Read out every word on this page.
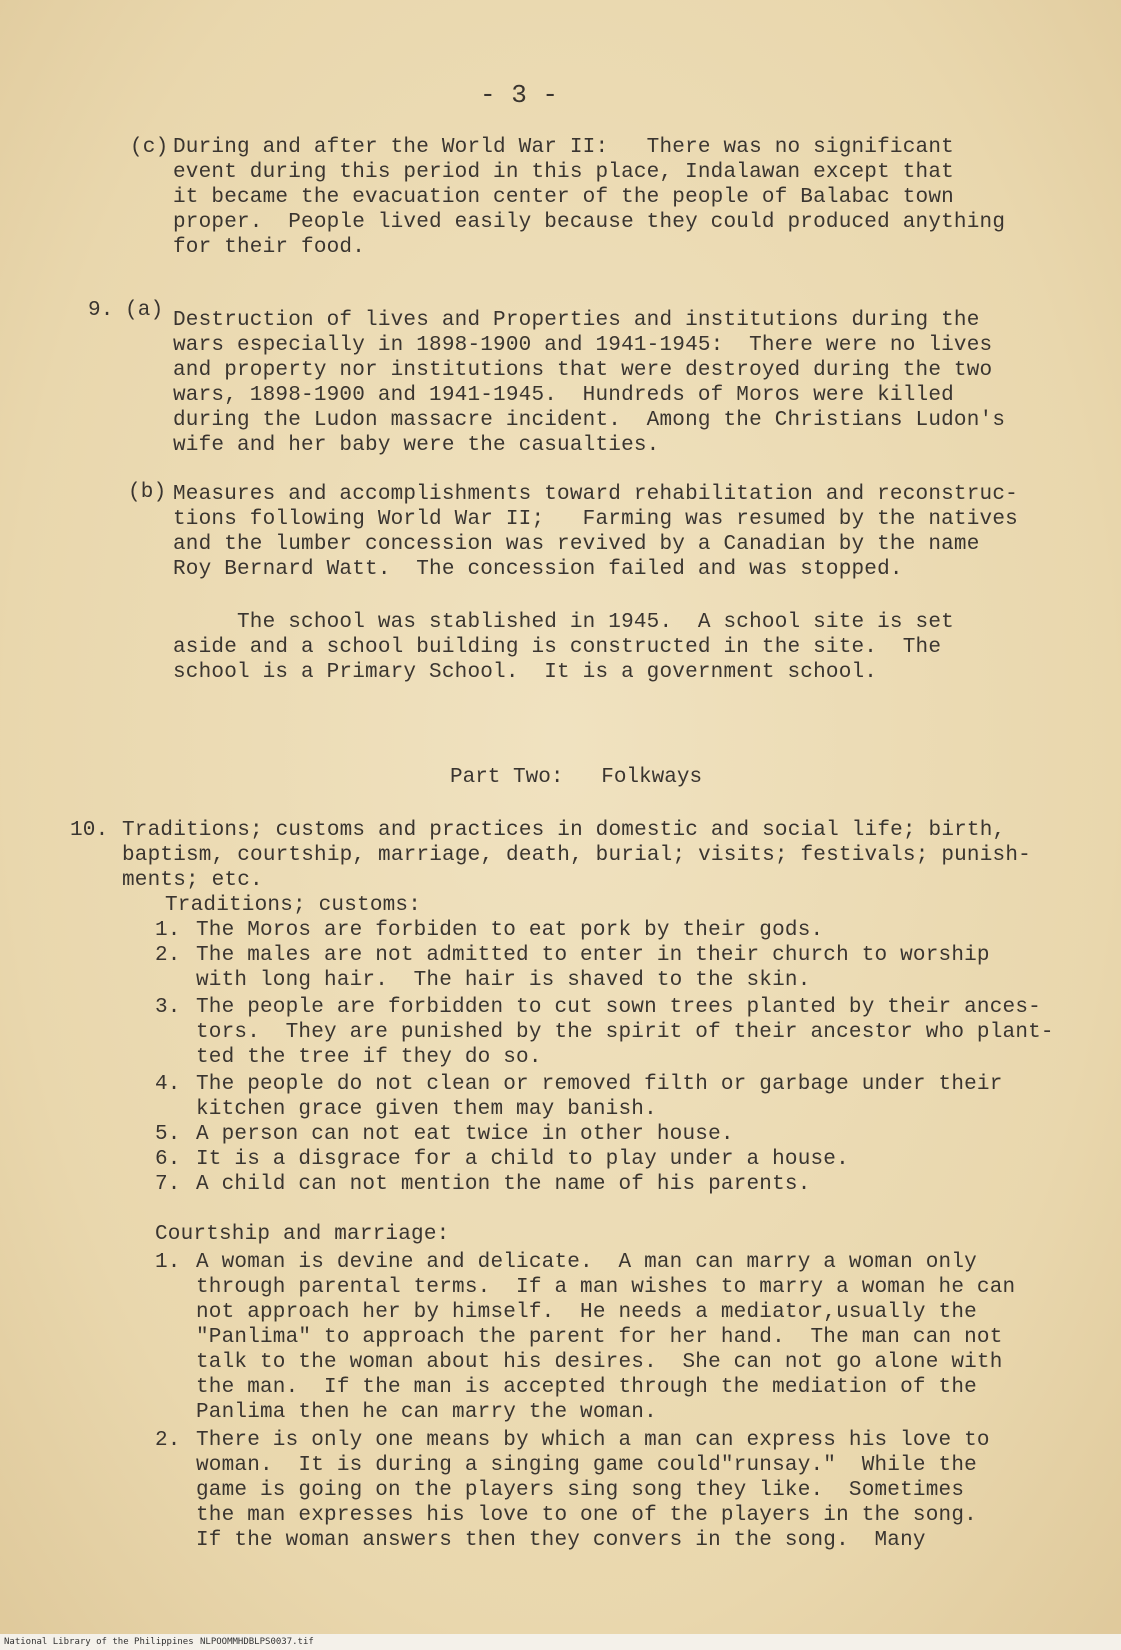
- 3 -
(c) During and after the World War II:   There was no significant
event during this period in this place, Indalawan except that
it became the evacuation center of the people of Balabac town
proper.  People lived easily because they could produced anything
for their food.
9. (a) Destruction of lives and Properties and institutions during the
wars especially in 1898-1900 and 1941-1945:  There were no lives
and property nor institutions that were destroyed during the two
wars, 1898-1900 and 1941-1945.  Hundreds of Moros were killed
during the Ludon massacre incident.  Among the Christians Ludon's
wife and her baby were the casualties.
(b) Measures and accomplishments toward rehabilitation and reconstruc-
tions following World War II;   Farming was resumed by the natives
and the lumber concession was revived by a Canadian by the name
Roy Bernard Watt.  The concession failed and was stopped.
The school was stablished in 1945.  A school site is set
aside and a school building is constructed in the site.  The
school is a Primary School.  It is a government school.
Part Two:   Folkways
10. Traditions; customs and practices in domestic and social life; birth,
baptism, courtship, marriage, death, burial; visits; festivals; punish-
ments; etc.
Traditions; customs:
1. The Moros are forbiden to eat pork by their gods.
2. The males are not admitted to enter in their church to worship
with long hair.  The hair is shaved to the skin.
3. The people are forbidden to cut sown trees planted by their ances-
tors.  They are punished by the spirit of their ancestor who plant-
ted the tree if they do so.
4. The people do not clean or removed filth or garbage under their
kitchen grace given them may banish.
5. A person can not eat twice in other house.
6. It is a disgrace for a child to play under a house.
7. A child can not mention the name of his parents.
Courtship and marriage:
1. A woman is devine and delicate.  A man can marry a woman only
through parental terms.  If a man wishes to marry a woman he can
not approach her by himself.  He needs a mediator,usually the
"Panlima" to approach the parent for her hand.  The man can not
talk to the woman about his desires.  She can not go alone with
the man.  If the man is accepted through the mediation of the
Panlima then he can marry the woman.
2. There is only one means by which a man can express his love to
woman.  It is during a singing game could"runsay."  While the
game is going on the players sing song they like.  Sometimes
the man expresses his love to one of the players in the song.
If the woman answers then they convers in the song.  Many
National Library of the Philippines NLPOOMMHDBLPS0037.tif
